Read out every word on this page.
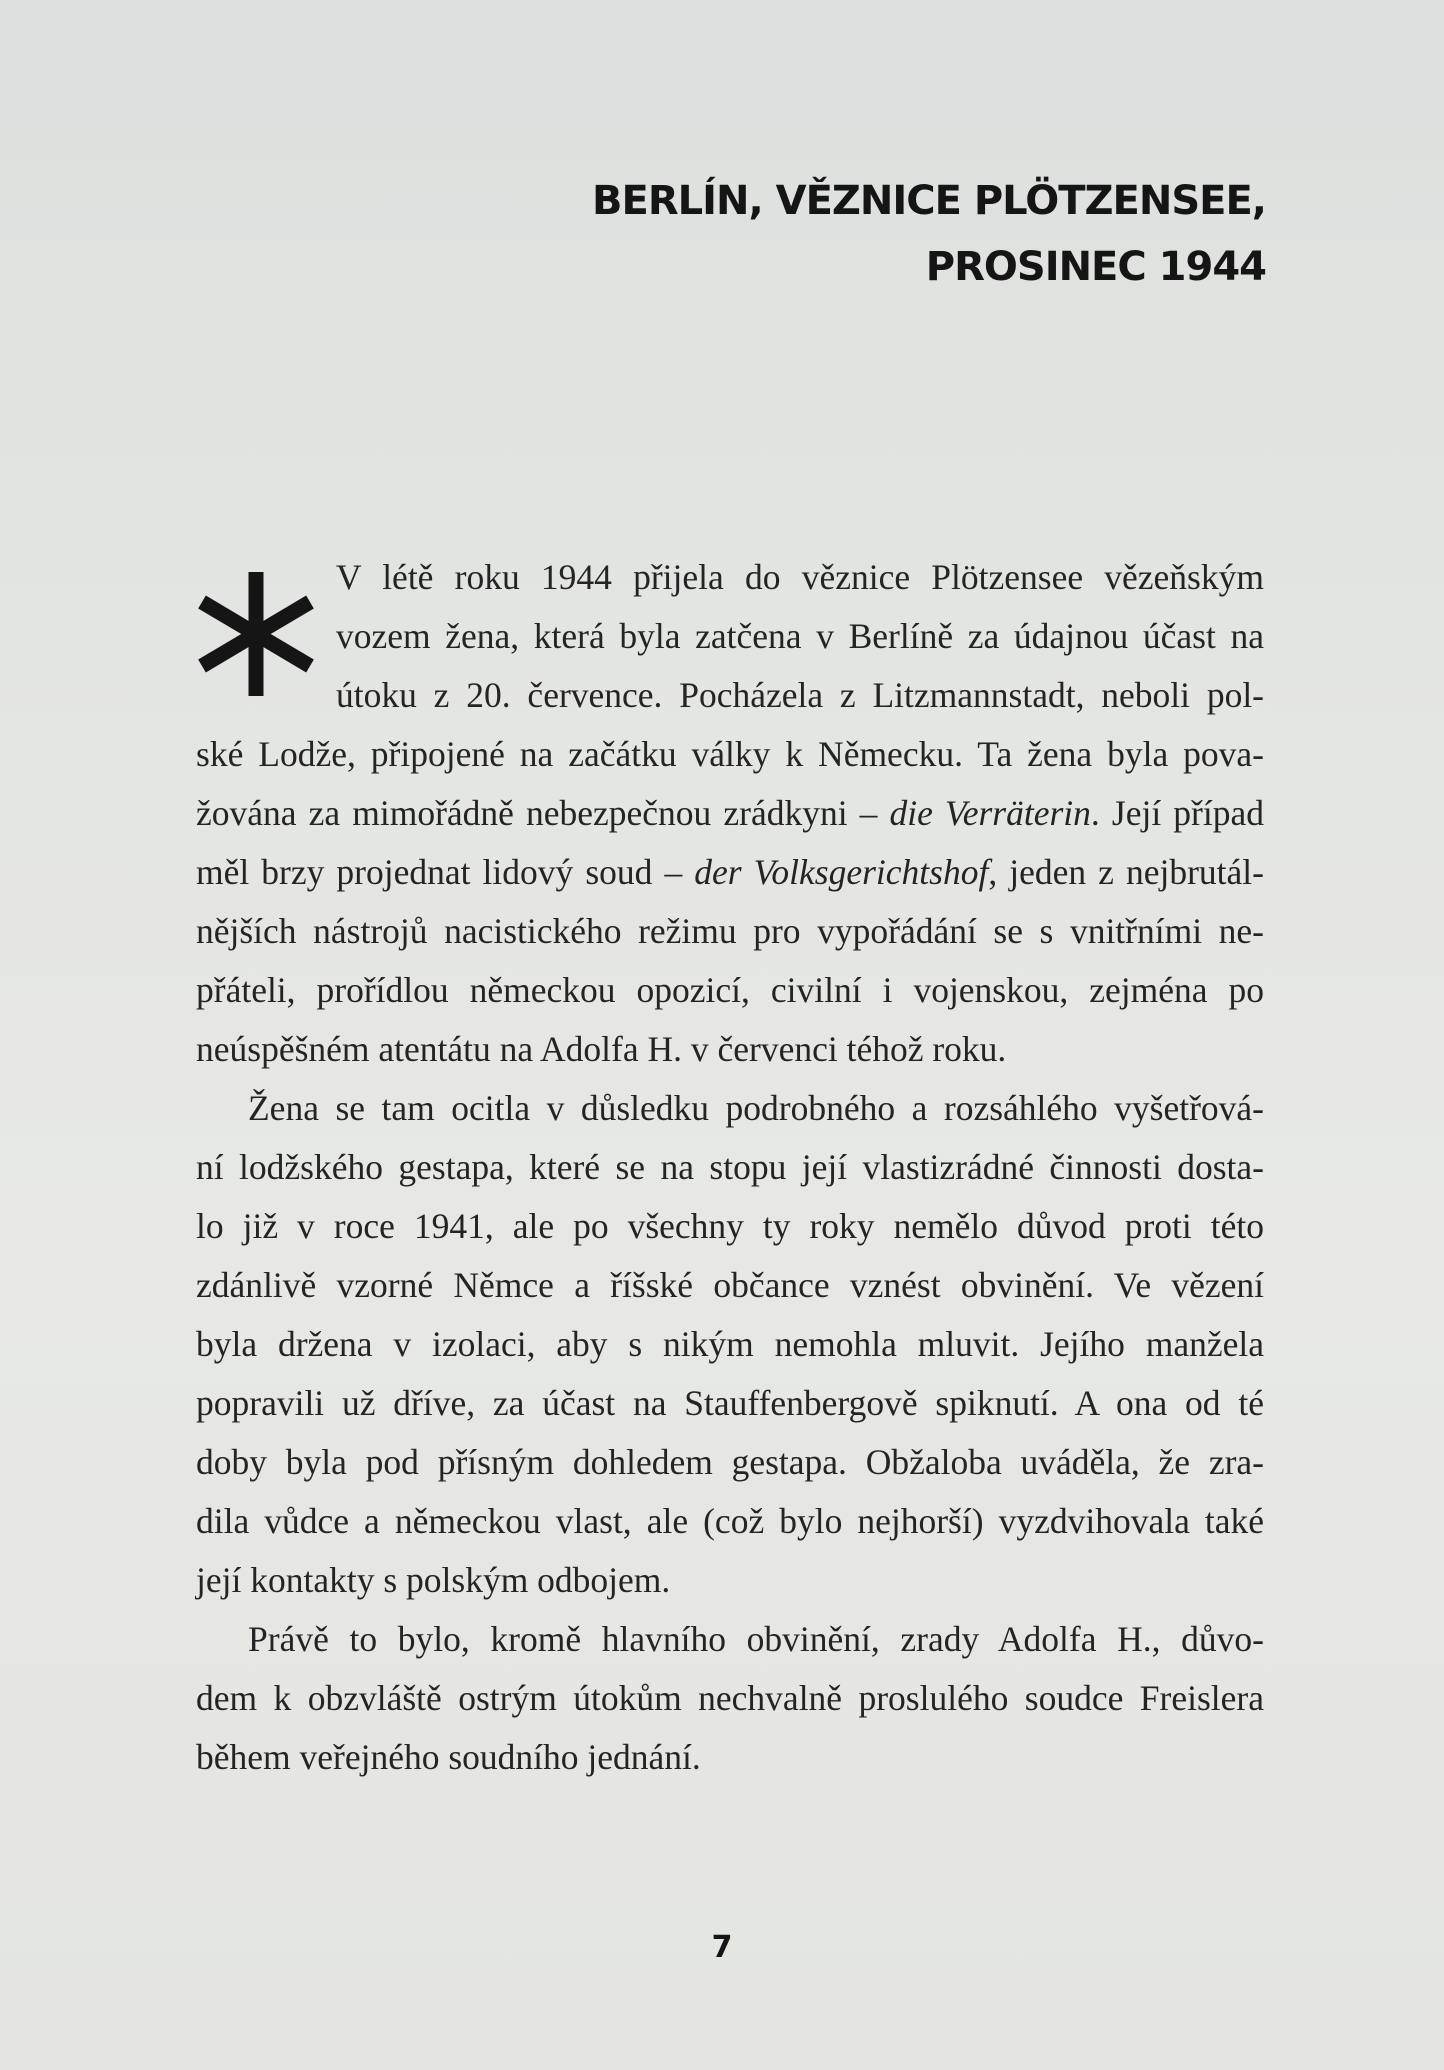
BERLÍN, VĚZNICE PLÖTZENSEE,
PROSINEC 1944
V létě roku 1944 přijela do věznice Plötzensee vězeňským
vozem žena, která byla zatčena v Berlíně za údajnou účast na
útoku z 20. července. Pocházela z Litzmannstadt, neboli pol-
ské Lodže, připojené na začátku války k Německu. Ta žena byla pova-
žována za mimořádně nebezpečnou zrádkyni – die Verräterin. Její případ
měl brzy projednat lidový soud – der Volksgerichtshof, jeden z nejbrutál-
nějších nástrojů nacistického režimu pro vypořádání se s vnitřními ne-
přáteli, prořídlou německou opozicí, civilní i vojenskou, zejména po
neúspěšném atentátu na Adolfa H. v červenci téhož roku.
Žena se tam ocitla v důsledku podrobného a rozsáhlého vyšetřová-
ní lodžského gestapa, které se na stopu její vlastizrádné činnosti dosta-
lo již v roce 1941, ale po všechny ty roky nemělo důvod proti této
zdánlivě vzorné Němce a říšské občance vznést obvinění. Ve vězení
byla držena v izolaci, aby s nikým nemohla mluvit. Jejího manžela
popravili už dříve, za účast na Stauffenbergově spiknutí. A ona od té
doby byla pod přísným dohledem gestapa. Obžaloba uváděla, že zra-
dila vůdce a německou vlast, ale (což bylo nejhorší) vyzdvihovala také
její kontakty s polským odbojem.
Právě to bylo, kromě hlavního obvinění, zrady Adolfa H., důvo-
dem k obzvláště ostrým útokům nechvalně proslulého soudce Freislera
během veřejného soudního jednání.
7
